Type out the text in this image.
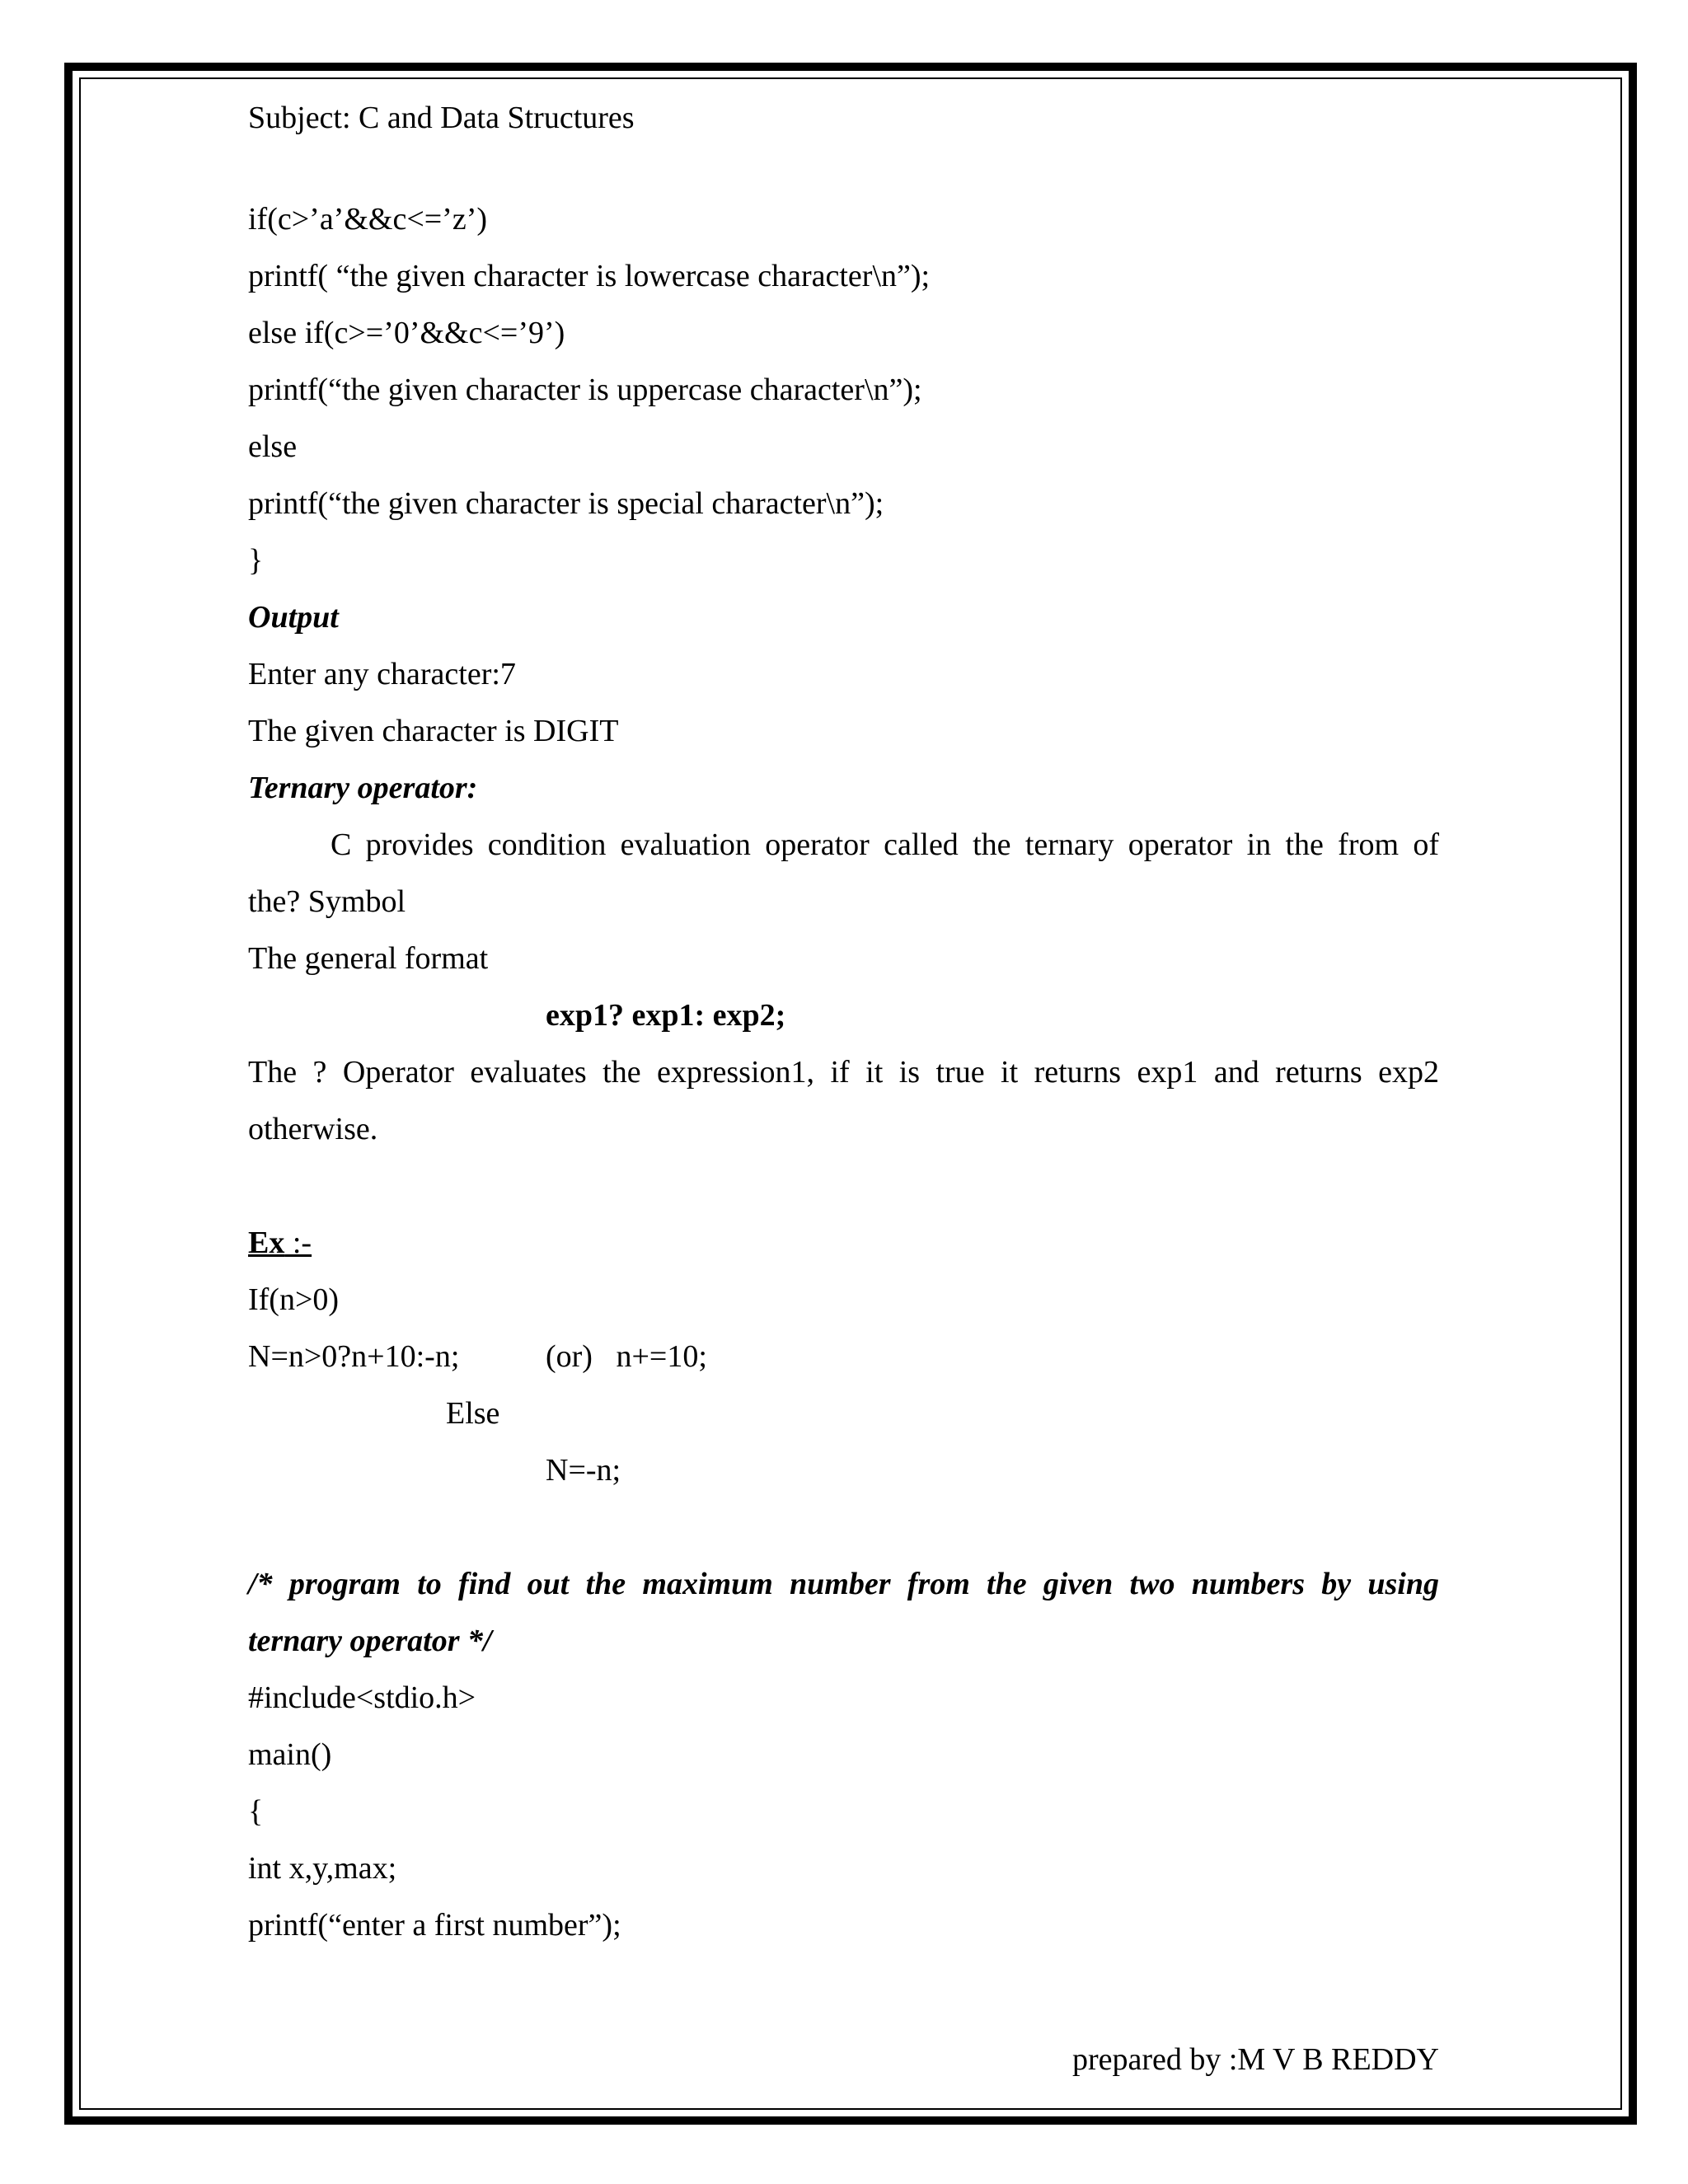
Subject: C and Data Structures
if(c>’a’&&c<=’z’)
printf( “the given character is lowercase character\n”);
else if(c>=’0’&&c<=’9’)
printf(“the given character is uppercase character\n”);
else
printf(“the given character is special character\n”);
}
Output
Enter any character:7
The given character is DIGIT
Ternary operator:
C provides condition evaluation operator called the ternary operator in the from of
the? Symbol
The general format
exp1? exp1: exp2;
The ? Operator evaluates the expression1, if it is true it returns exp1 and returns exp2
otherwise.
Ex :-
If(n>0)
N=n>0?n+10:-n;	(or)   n+=10;
Else
N=-n;
/* program to find out the maximum number from the given two numbers by using
ternary operator */
#include<stdio.h>
main()
{
int x,y,max;
printf(“enter a first number”);
prepared by :M V B REDDY
